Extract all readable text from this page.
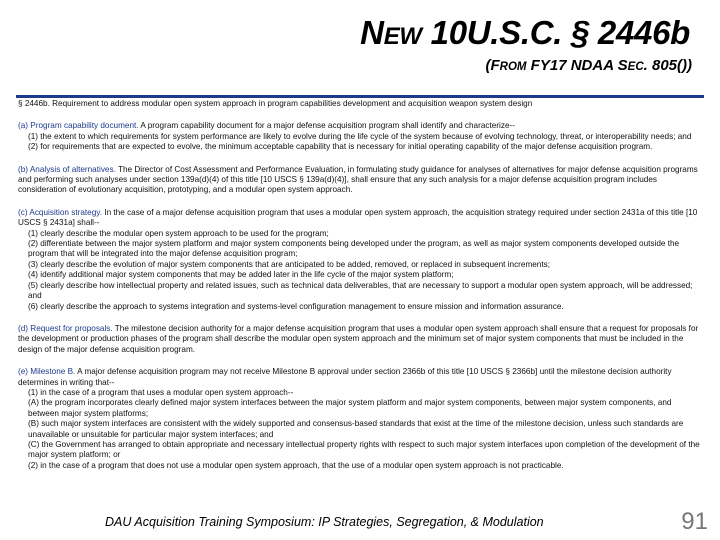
NEW 10U.S.C. § 2446b
(FROM FY17 NDAA SEC. 805())

§ 2446b. Requirement to address modular open system approach in program capabilities development and acquisition weapon system design

(a) Program capability document. A program capability document for a major defense acquisition program shall identify and characterize--

(1) the extent to which requirements for system performance are likely to evolve during the life cycle of the system because of evolving technology, threat, or interoperability needs; and

(2) for requirements that are expected to evolve, the minimum acceptable capability that is necessary for initial operating capability of the major defense acquisition program.

(b) Analysis of alternatives. The Director of Cost Assessment and Performance Evaluation, in formulating study guidance for analyses of alternatives for major defense acquisition programs and performing such analyses under section 139a(d)(4) of this title [10 USCS § 139a(d)(4)], shall ensure that any such analysis for a major defense acquisition program includes consideration of evolutionary acquisition, prototyping, and a modular open system approach.

(c) Acquisition strategy. In the case of a major defense acquisition program that uses a modular open system approach, the acquisition strategy required under section 2431a of this title [10 USCS § 2431a] shall--

(1) clearly describe the modular open system approach to be used for the program;

(2) differentiate between the major system platform and major system components being developed under the program, as well as major system components developed outside the program that will be integrated into the major defense acquisition program;

(3) clearly describe the evolution of major system components that are anticipated to be added, removed, or replaced in subsequent increments;

(4) identify additional major system components that may be added later in the life cycle of the major system platform;

(5) clearly describe how intellectual property and related issues, such as technical data deliverables, that are necessary to support a modular open system approach, will be addressed; and

(6) clearly describe the approach to systems integration and systems-level configuration management to ensure mission and information assurance.

(d) Request for proposals. The milestone decision authority for a major defense acquisition program that uses a modular open system approach shall ensure that a request for proposals for the development or production phases of the program shall describe the modular open system approach and the minimum set of major system components that must be included in the design of the major defense acquisition program.

(e) Milestone B. A major defense acquisition program may not receive Milestone B approval under section 2366b of this title [10 USCS § 2366b] until the milestone decision authority determines in writing that--

(1) in the case of a program that uses a modular open system approach--

(A) the program incorporates clearly defined major system interfaces between the major system platform and major system components, between major system components, and between major system platforms;

(B) such major system interfaces are consistent with the widely supported and consensus-based standards that exist at the time of the milestone decision, unless such standards are unavailable or unsuitable for particular major system interfaces; and

(C) the Government has arranged to obtain appropriate and necessary intellectual property rights with respect to such major system interfaces upon completion of the development of the major system platform; or

(2) in the case of a program that does not use a modular open system approach, that the use of a modular open system approach is not practicable.

DAU Acquisition Training Symposium: IP Strategies, Segregation, & Modulation	91
